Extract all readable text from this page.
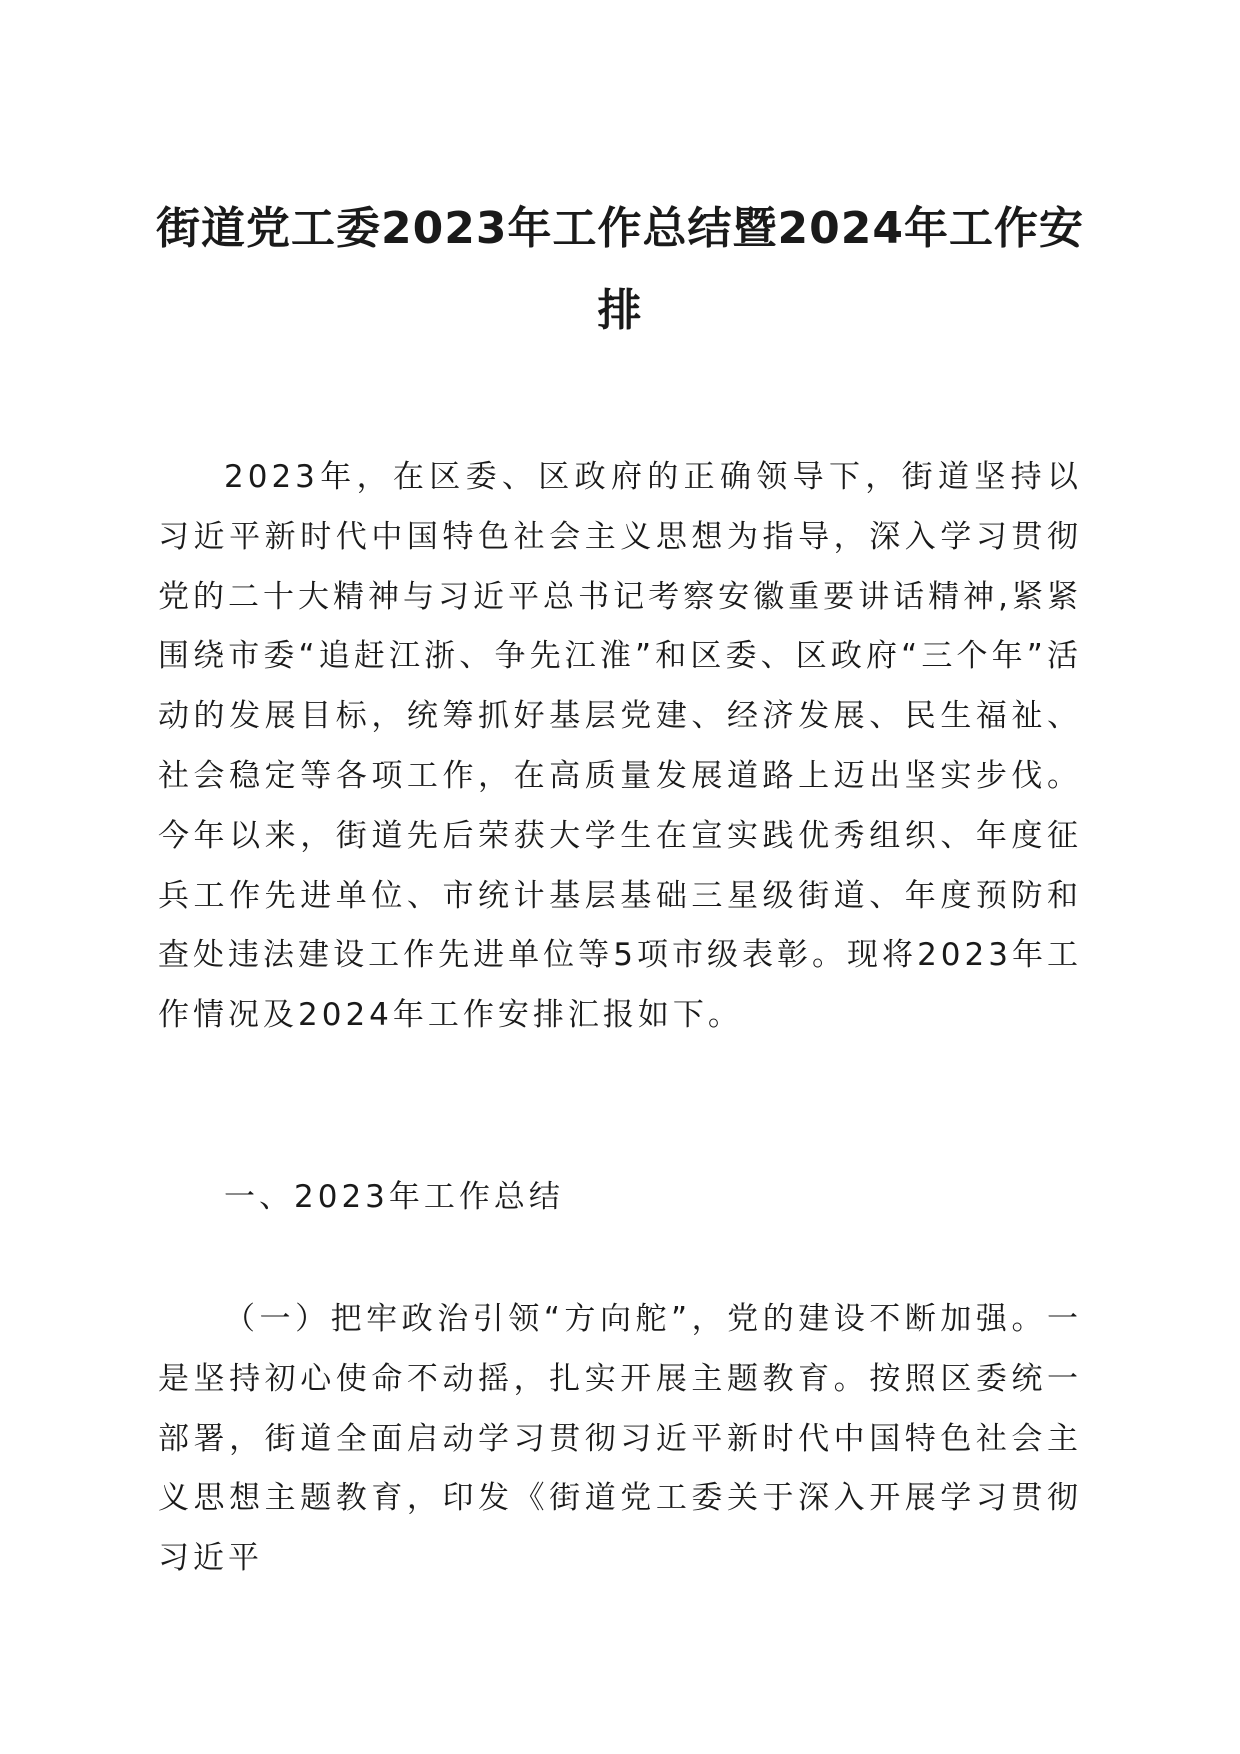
街道党工委2023年工作总结暨2024年工作安排

2023年，在区委、区政府的正确领导下，街道坚持以习近平新时代中国特色社会主义思想为指导，深入学习贯彻党的二十大精神与习近平总书记考察安徽重要讲话精神,紧紧围绕市委“追赶江浙、争先江淮”和区委、区政府“三个年”活动的发展目标，统筹抓好基层党建、经济发展、民生福祉、社会稳定等各项工作，在高质量发展道路上迈出坚实步伐。今年以来，街道先后荣获大学生在宣实践优秀组织、年度征兵工作先进单位、市统计基层基础三星级街道、年度预防和查处违法建设工作先进单位等5项市级表彰。现将2023年工作情况及2024年工作安排汇报如下。

一、2023年工作总结

（一）把牢政治引领“方向舵”，党的建设不断加强。一是坚持初心使命不动摇，扎实开展主题教育。按照区委统一部署，街道全面启动学习贯彻习近平新时代中国特色社会主义思想主题教育，印发《街道党工委关于深入开展学习贯彻习近平
